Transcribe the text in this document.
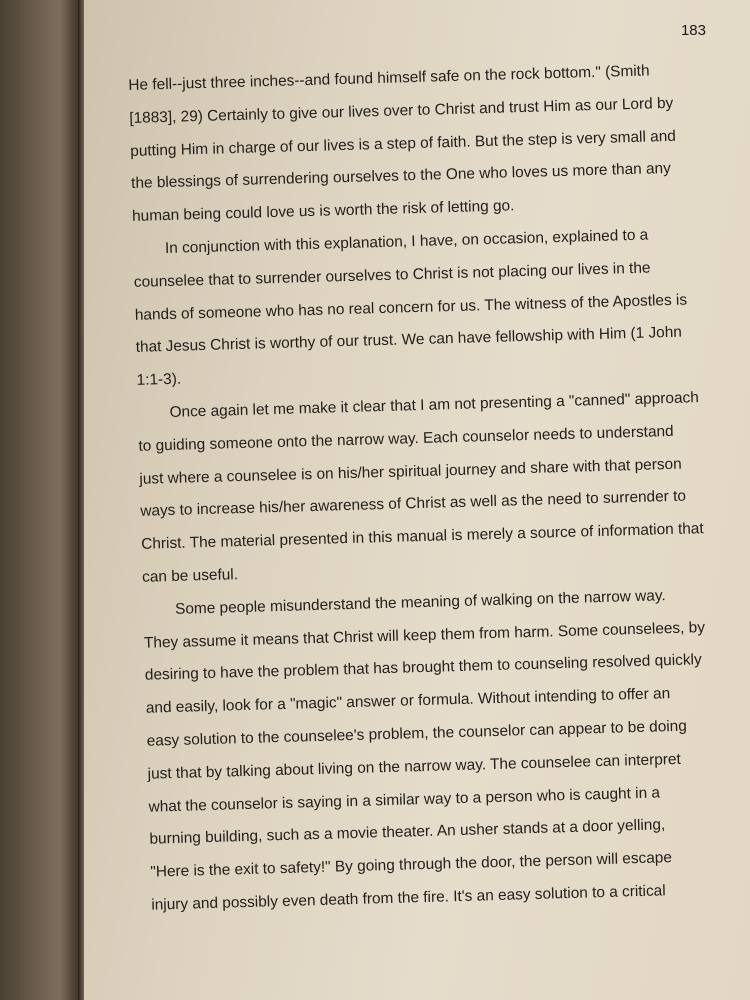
183
He fell--just three inches--and found himself safe on the rock bottom." (Smith
[1883], 29) Certainly to give our lives over to Christ and trust Him as our Lord by
putting Him in charge of our lives is a step of faith. But the step is very small and
the blessings of surrendering ourselves to the One who loves us more than any
human being could love us is worth the risk of letting go.
In conjunction with this explanation, I have, on occasion, explained to a
counselee that to surrender ourselves to Christ is not placing our lives in the
hands of someone who has no real concern for us. The witness of the Apostles is
that Jesus Christ is worthy of our trust. We can have fellowship with Him (1 John
1:1-3).
Once again let me make it clear that I am not presenting a "canned" approach
to guiding someone onto the narrow way. Each counselor needs to understand
just where a counselee is on his/her spiritual journey and share with that person
ways to increase his/her awareness of Christ as well as the need to surrender to
Christ. The material presented in this manual is merely a source of information that
can be useful.
Some people misunderstand the meaning of walking on the narrow way.
They assume it means that Christ will keep them from harm. Some counselees, by
desiring to have the problem that has brought them to counseling resolved quickly
and easily, look for a "magic" answer or formula. Without intending to offer an
easy solution to the counselee's problem, the counselor can appear to be doing
just that by talking about living on the narrow way. The counselee can interpret
what the counselor is saying in a similar way to a person who is caught in a
burning building, such as a movie theater. An usher stands at a door yelling,
"Here is the exit to safety!" By going through the door, the person will escape
injury and possibly even death from the fire. It's an easy solution to a critical
